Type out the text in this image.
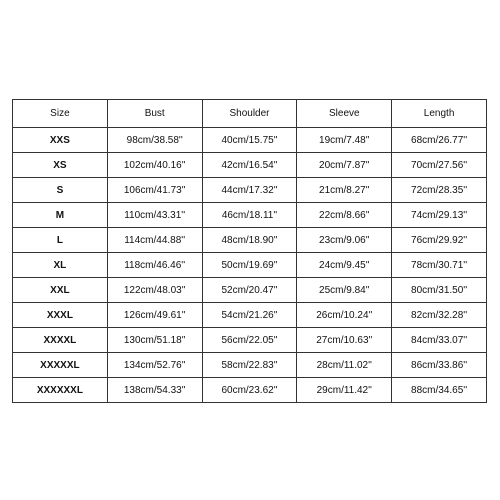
Size	Bust	Shoulder	Sleeve	Length
XXS	98cm/38.58''	40cm/15.75''	19cm/7.48''	68cm/26.77''
XS	102cm/40.16''	42cm/16.54''	20cm/7.87''	70cm/27.56''
S	106cm/41.73''	44cm/17.32''	21cm/8.27''	72cm/28.35''
M	110cm/43.31''	46cm/18.11''	22cm/8.66''	74cm/29.13''
L	114cm/44.88''	48cm/18.90''	23cm/9.06''	76cm/29.92''
XL	118cm/46.46''	50cm/19.69''	24cm/9.45''	78cm/30.71''
XXL	122cm/48.03''	52cm/20.47''	25cm/9.84''	80cm/31.50''
XXXL	126cm/49.61''	54cm/21.26''	26cm/10.24''	82cm/32.28''
XXXXL	130cm/51.18''	56cm/22.05''	27cm/10.63''	84cm/33.07''
XXXXXL	134cm/52.76''	58cm/22.83''	28cm/11.02''	86cm/33.86''
XXXXXXL	138cm/54.33''	60cm/23.62''	29cm/11.42''	88cm/34.65''
